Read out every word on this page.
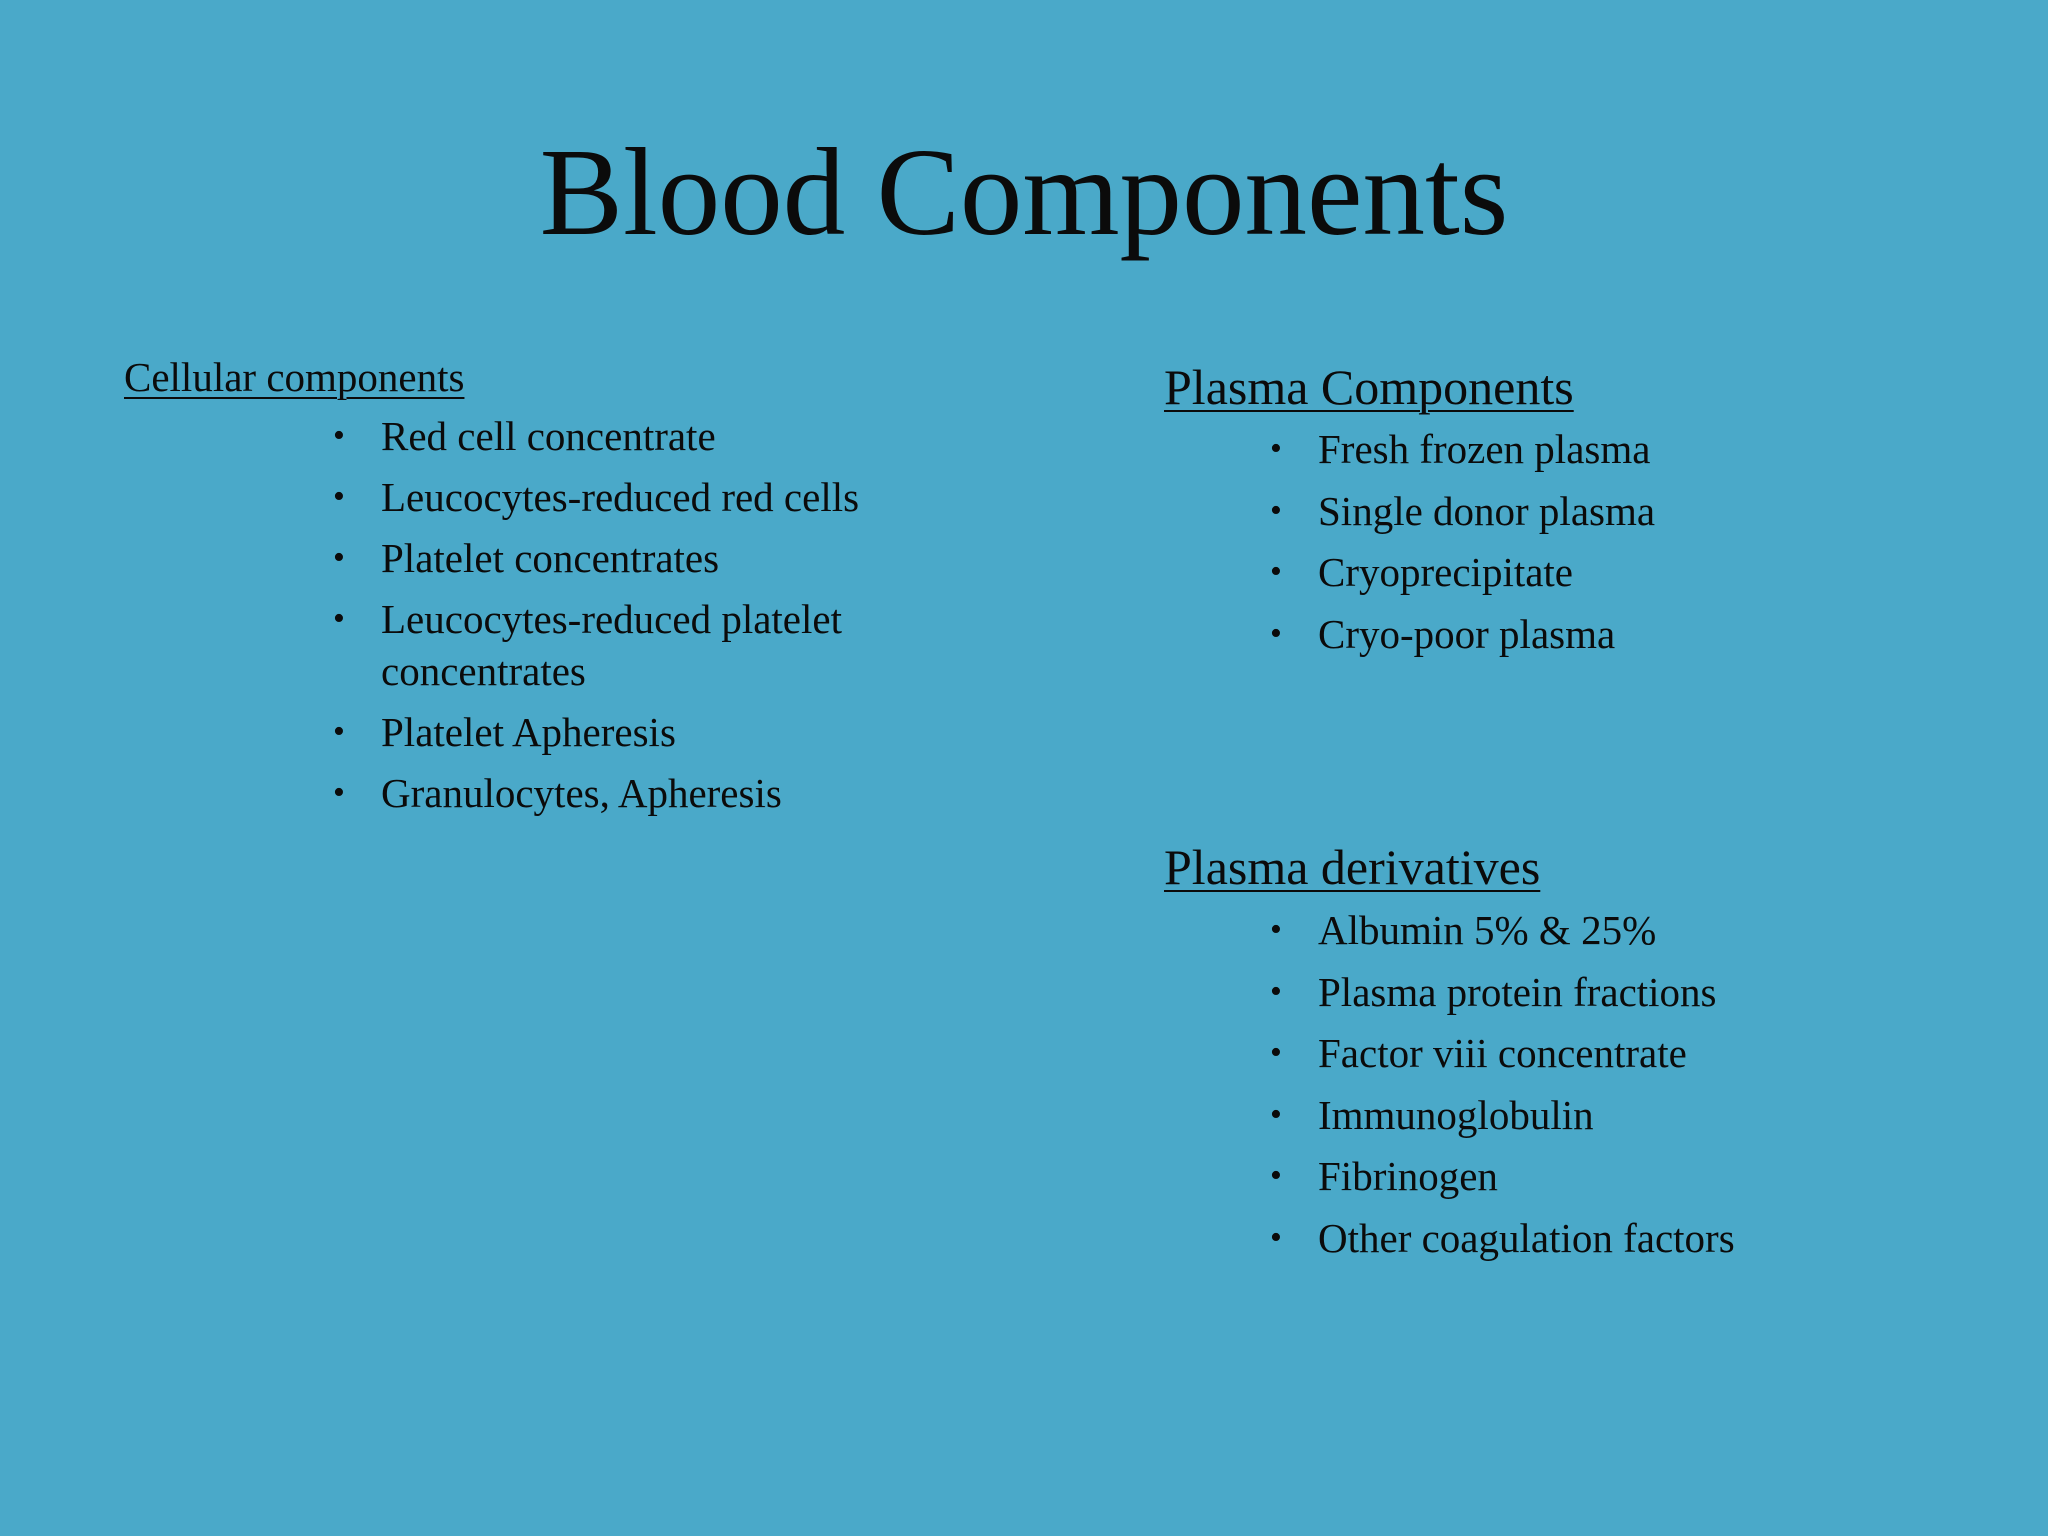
Blood Components
Cellular components
• Red cell concentrate
• Leucocytes-reduced red cells
• Platelet concentrates
• Leucocytes-reduced platelet concentrates
• Platelet Apheresis
• Granulocytes, Apheresis
Plasma Components
• Fresh frozen plasma
• Single donor plasma
• Cryoprecipitate
• Cryo-poor plasma
Plasma derivatives
• Albumin 5% & 25%
• Plasma protein fractions
• Factor viii concentrate
• Immunoglobulin
• Fibrinogen
• Other coagulation factors
